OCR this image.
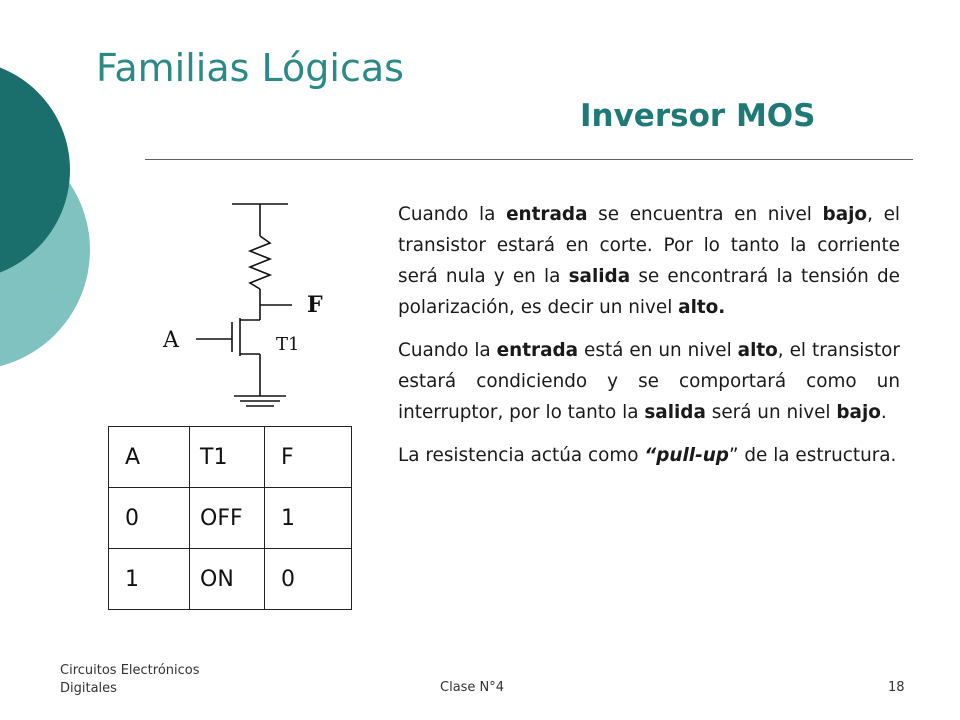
Familias Lógicas
Inversor MOS
A
F
T1
A	T1	F
0	OFF	1
1	ON	0

Cuando la entrada se encuentra en nivel bajo, el transistor estará en corte. Por lo tanto la corriente será nula y en la salida se encontrará la tensión de polarización, es decir un nivel alto.

Cuando la entrada está en un nivel alto, el transistor estará condiciendo y se comportará como un interruptor, por lo tanto la salida será un nivel bajo.

La resistencia actúa como “pull-up” de la estructura.

Circuitos Electrónicos Digitales	Clase N°4	18
